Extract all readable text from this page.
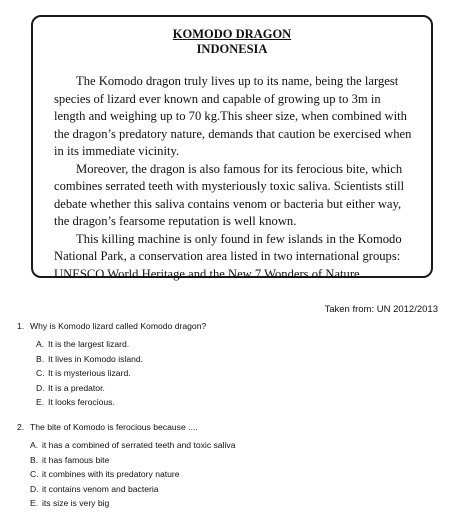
KOMODO DRAGON
INDONESIA

The Komodo dragon truly lives up to its name, being the largest species of lizard ever known and capable of growing up to 3m in length and weighing up to 70 kg.This sheer size, when combined with the dragon’s predatory nature, demands that caution be exercised when in its immediate vicinity.

Moreover, the dragon is also famous for its ferocious bite, which combines serrated teeth with mysteriously toxic saliva. Scientists still debate whether this saliva contains venom or bacteria but either way, the dragon’s fearsome reputation is well known.

This killing machine is only found in few islands in the Komodo National Park, a conservation area listed in two international groups: UNESCO World Heritage and the New 7 Wonders of Nature.

Taken from: UN 2012/2013
1. Why is Komodo lizard called Komodo dragon?
A. It is the largest lizard.
B. It lives in Komodo island.
C. It is mysterious lizard.
D. It is a predator.
E. It looks ferocious.
2. The bite of Komodo is ferocious because ....
A. it has a combined of serrated teeth and toxic saliva
B. it has famous bite
C. it combines with its predatory nature
D. it contains venom and bacteria
E. its size is very big
